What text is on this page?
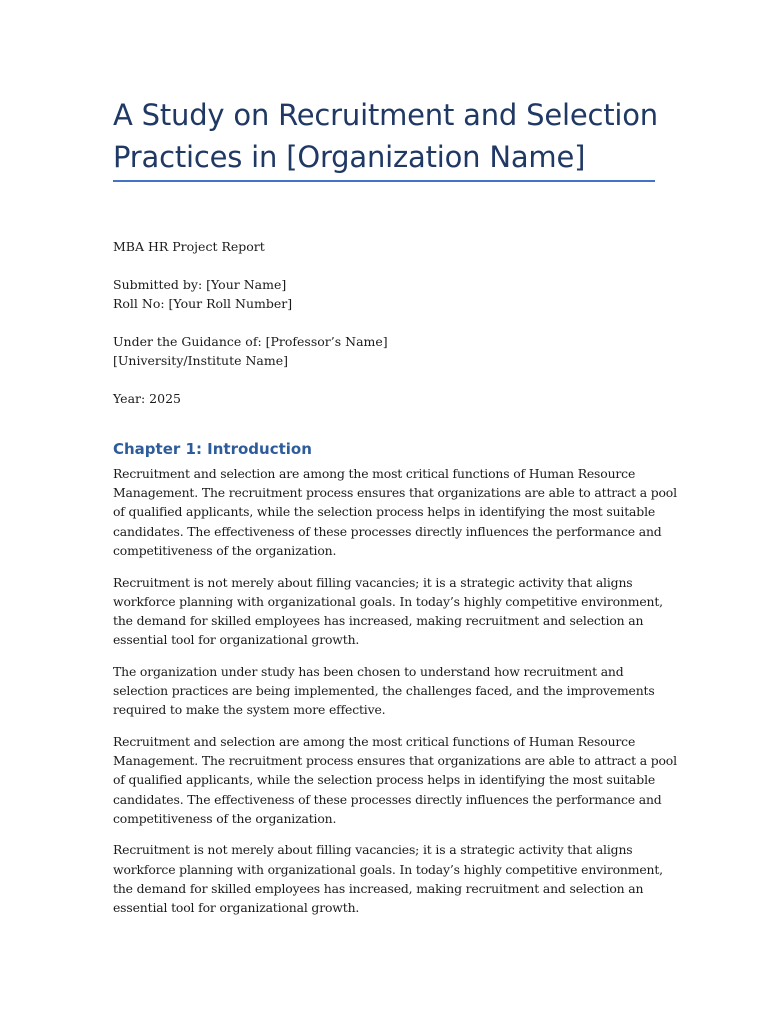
A Study on Recruitment and Selection
Practices in [Organization Name]

MBA HR Project Report

Submitted by: [Your Name]
Roll No: [Your Roll Number]

Under the Guidance of: [Professor’s Name]
[University/Institute Name]

Year: 2025

Chapter 1: Introduction

Recruitment and selection are among the most critical functions of Human Resource
Management. The recruitment process ensures that organizations are able to attract a pool
of qualified applicants, while the selection process helps in identifying the most suitable
candidates. The effectiveness of these processes directly influences the performance and
competitiveness of the organization.

Recruitment is not merely about filling vacancies; it is a strategic activity that aligns
workforce planning with organizational goals. In today’s highly competitive environment,
the demand for skilled employees has increased, making recruitment and selection an
essential tool for organizational growth.

The organization under study has been chosen to understand how recruitment and
selection practices are being implemented, the challenges faced, and the improvements
required to make the system more effective.

Recruitment and selection are among the most critical functions of Human Resource
Management. The recruitment process ensures that organizations are able to attract a pool
of qualified applicants, while the selection process helps in identifying the most suitable
candidates. The effectiveness of these processes directly influences the performance and
competitiveness of the organization.

Recruitment is not merely about filling vacancies; it is a strategic activity that aligns
workforce planning with organizational goals. In today’s highly competitive environment,
the demand for skilled employees has increased, making recruitment and selection an
essential tool for organizational growth.
